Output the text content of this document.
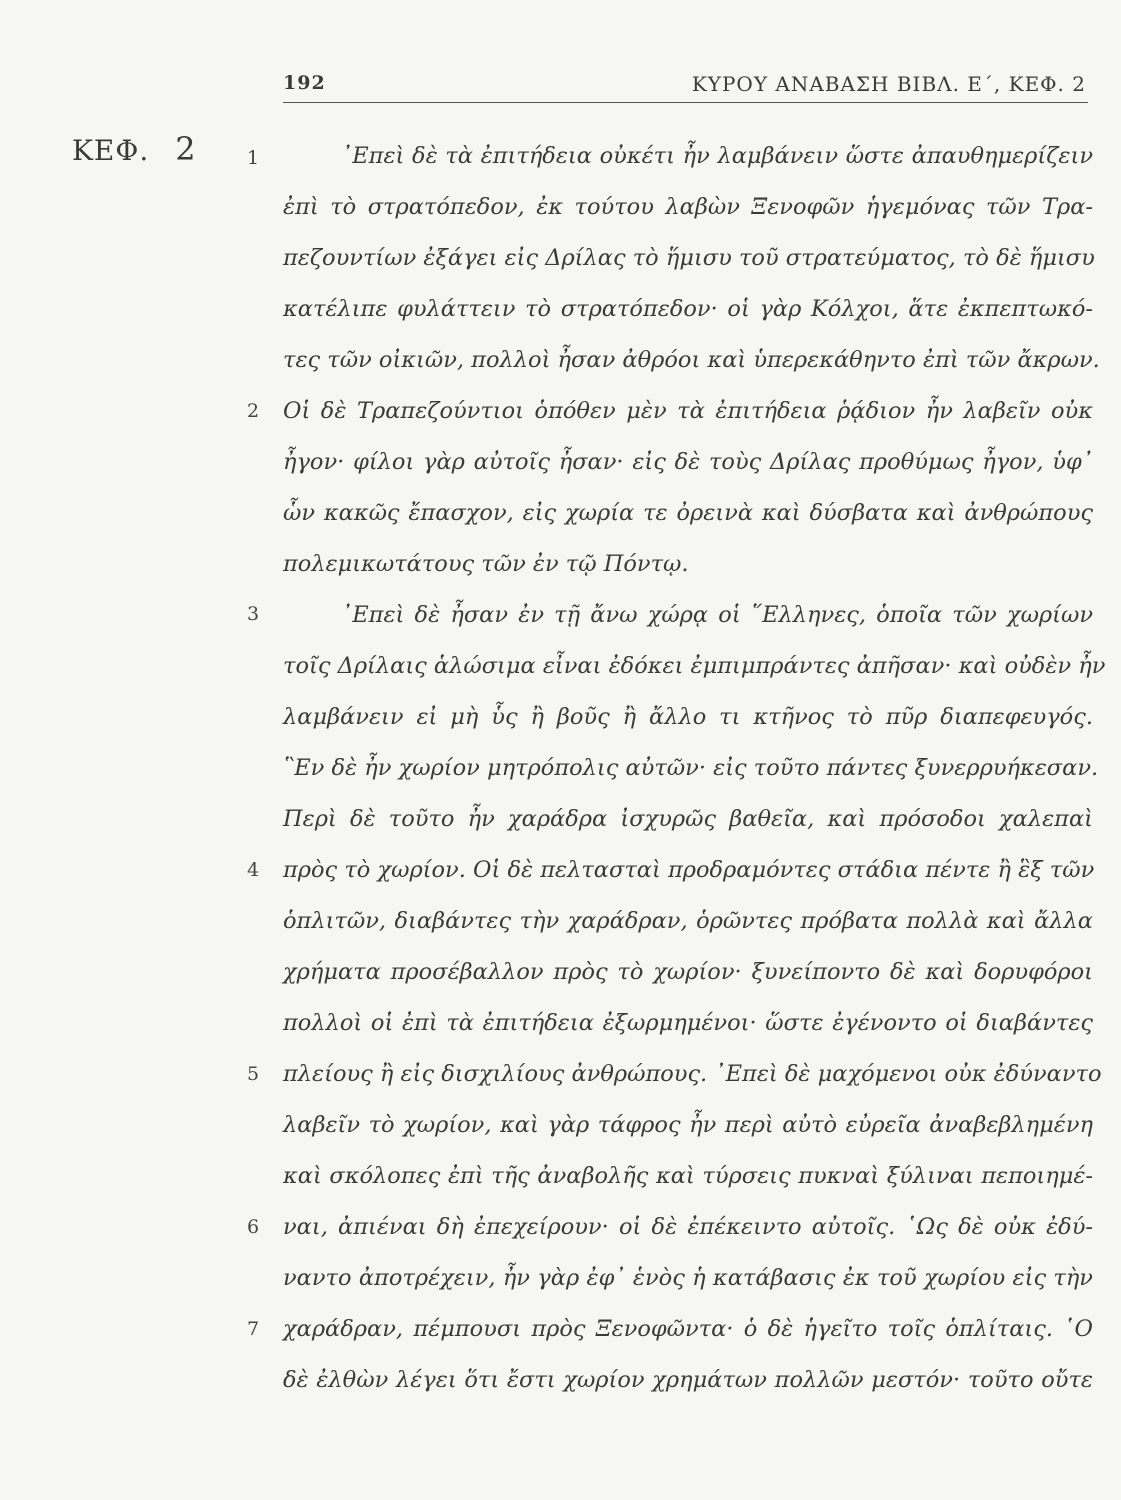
192	ΚΥΡΟΥ ΑΝΑΒΑΣΗ ΒΙΒΛ. Ε΄, ΚΕΦ. 2
ΚΕΦ. 2	1
2
3
4
5
6
7
᾿Επεὶ δὲ τὰ ἐπιτήδεια οὐκέτι ἦν λαμβάνειν ὥστε ἀπαυθημερίζειν
ἐπὶ τὸ στρατόπεδον, ἐκ τούτου λαβὼν Ξενοφῶν ἡγεμόνας τῶν Τρα-
πεζουντίων ἐξάγει εἰς Δρίλας τὸ ἥμισυ τοῦ στρατεύματος, τὸ δὲ ἥμισυ
κατέλιπε φυλάττειν τὸ στρατόπεδον· οἱ γὰρ Κόλχοι, ἅτε ἐκπεπτωκό-
τες τῶν οἰκιῶν, πολλοὶ ἦσαν ἀθρόοι καὶ ὑπερεκάθηντο ἐπὶ τῶν ἄκρων.
Οἱ δὲ Τραπεζούντιοι ὁπόθεν μὲν τὰ ἐπιτήδεια ῥᾴδιον ἦν λαβεῖν οὐκ
ἦγον· φίλοι γὰρ αὐτοῖς ἦσαν· εἰς δὲ τοὺς Δρίλας προθύμως ἦγον, ὑφ᾽
ὧν κακῶς ἔπασχον, εἰς χωρία τε ὀρεινὰ καὶ δύσβατα καὶ ἀνθρώπους
πολεμικωτάτους τῶν ἐν τῷ Πόντῳ.
᾿Επεὶ δὲ ἦσαν ἐν τῇ ἄνω χώρᾳ οἱ ῞Ελληνες, ὁποῖα τῶν χωρίων
τοῖς Δρίλαις ἁλώσιμα εἶναι ἐδόκει ἐμπιμπράντες ἀπῆσαν· καὶ οὐδὲν ἦν
λαμβάνειν εἰ μὴ ὗς ἢ βοῦς ἢ ἄλλο τι κτῆνος τὸ πῦρ διαπεφευγός.
῝Εν δὲ ἦν χωρίον μητρόπολις αὐτῶν· εἰς τοῦτο πάντες ξυνερρυήκεσαν.
Περὶ δὲ τοῦτο ἦν χαράδρα ἰσχυρῶς βαθεῖα, καὶ πρόσοδοι χαλεπαὶ
πρὸς τὸ χωρίον. Οἱ δὲ πελτασταὶ προδραμόντες στάδια πέντε ἢ ἓξ τῶν
ὁπλιτῶν, διαβάντες τὴν χαράδραν, ὁρῶντες πρόβατα πολλὰ καὶ ἄλλα
χρήματα προσέβαλλον πρὸς τὸ χωρίον· ξυνείποντο δὲ καὶ δορυφόροι
πολλοὶ οἱ ἐπὶ τὰ ἐπιτήδεια ἐξωρμημένοι· ὥστε ἐγένοντο οἱ διαβάντες
πλείους ἢ εἰς δισχιλίους ἀνθρώπους. ᾿Επεὶ δὲ μαχόμενοι οὐκ ἐδύναντο
λαβεῖν τὸ χωρίον, καὶ γὰρ τάφρος ἦν περὶ αὐτὸ εὐρεῖα ἀναβεβλημένη
καὶ σκόλοπες ἐπὶ τῆς ἀναβολῆς καὶ τύρσεις πυκναὶ ξύλιναι πεποιημέ-
ναι, ἀπιέναι δὴ ἐπεχείρουν· οἱ δὲ ἐπέκειντο αὐτοῖς. ῾Ως δὲ οὐκ ἐδύ-
ναντο ἀποτρέχειν, ἦν γὰρ ἐφ᾽ ἑνὸς ἡ κατάβασις ἐκ τοῦ χωρίου εἰς τὴν
χαράδραν, πέμπουσι πρὸς Ξενοφῶντα· ὁ δὲ ἡγεῖτο τοῖς ὁπλίταις. ῾Ο
δὲ ἐλθὼν λέγει ὅτι ἔστι χωρίον χρημάτων πολλῶν μεστόν· τοῦτο οὔτε
